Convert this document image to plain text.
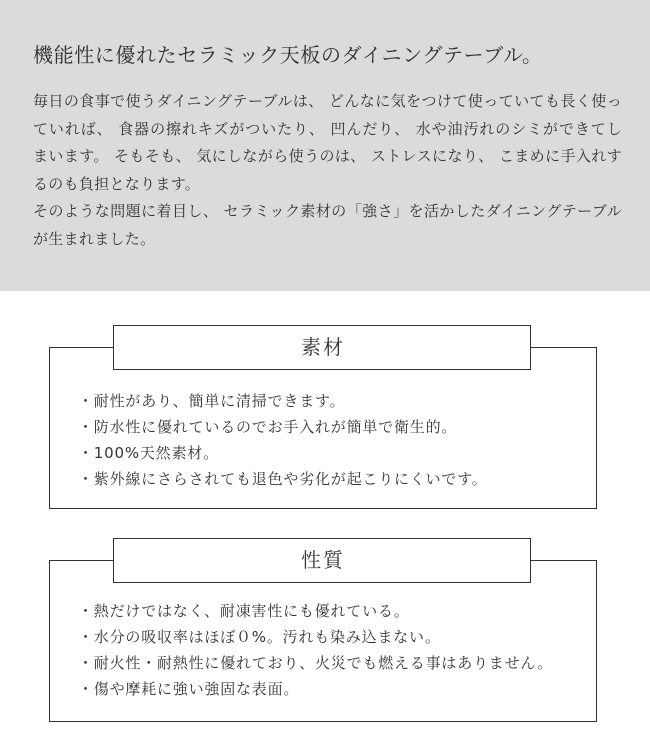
機能性に優れたセラミック天板のダイニングテーブル。
毎日の食事で使うダイニングテーブルは、 どんなに気をつけて使っていても長く使っ
ていれば、 食器の擦れキズがついたり、 凹んだり、 水や油汚れのシミができてし
まいます。 そもそも、 気にしながら使うのは、 ストレスになり、 こまめに手入れす
るのも負担となります。
そのような問題に着目し、 セラミック素材の「強さ」を活かしたダイニングテーブル
が生まれました。
素材
・耐性があり、簡単に清掃できます。
・防水性に優れているのでお手入れが簡単で衛生的。
・100%天然素材。
・紫外線にさらされても退色や劣化が起こりにくいです。
性質
・熱だけではなく、耐凍害性にも優れている。
・水分の吸収率はほぼ０%。汚れも染み込まない。
・耐火性・耐熱性に優れており、火災でも燃える事はありません。
・傷や摩耗に強い強固な表面。
